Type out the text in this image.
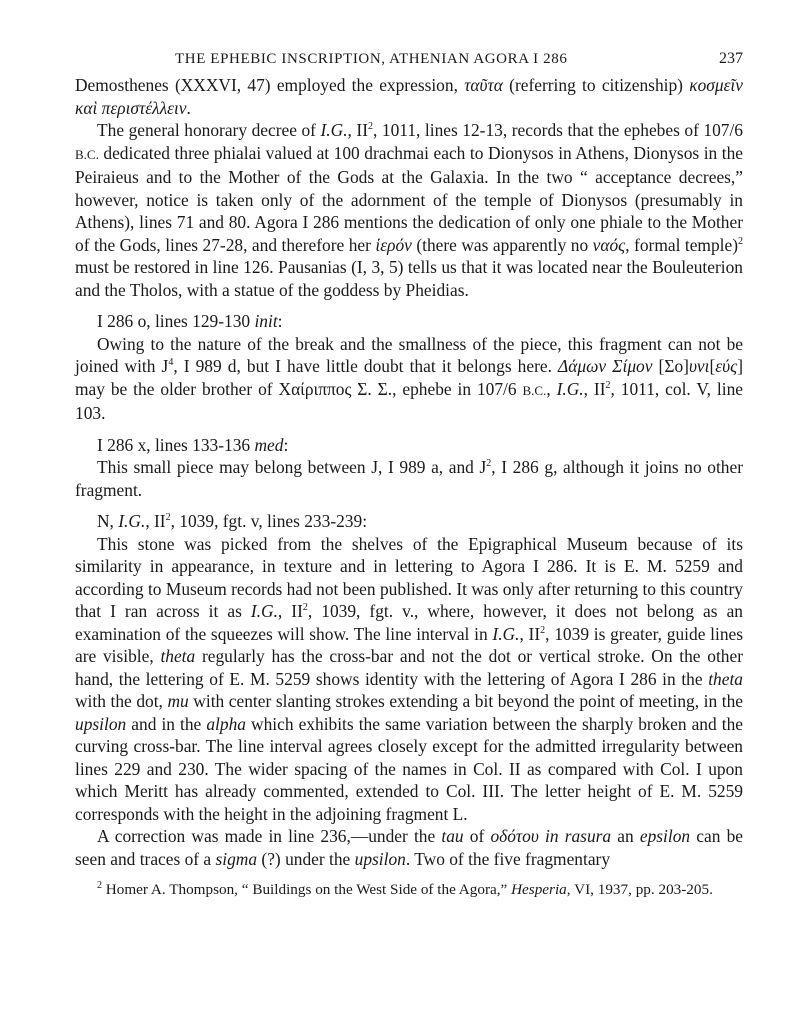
THE EPHEBIC INSCRIPTION, ATHENIAN AGORA I 286	237

Demosthenes (XXXVI, 47) employed the expression, ταῦτα (referring to citizenship) κοσμεῖν καὶ περιστέλλειν.

The general honorary decree of I.G., $II^2$, 1011, lines 12-13, records that the ephebes of 107/6 B.C. dedicated three phialai valued at 100 drachmai each to Dionysos in Athens, Dionysos in the Peiraieus and to the Mother of the Gods at the Galaxia. In the two “ acceptance decrees,” however, notice is taken only of the adornment of the temple of Dionysos (presumably in Athens), lines 71 and 80. Agora I 286 mentions the dedication of only one phiale to the Mother of the Gods, lines 27-28, and therefore her ἱερόν (there was apparently no ναός, formal temple)$^2$ must be restored in line 126. Pausanias (I, 3, 5) tells us that it was located near the Bouleuterion and the Tholos, with a statue of the goddess by Pheidias.

I 286 o, lines 129-130 init:

Owing to the nature of the break and the smallness of the piece, this fragment can not be joined with $J^4$, I 989 d, but I have little doubt that it belongs here. Δάμων Σίμον [Σο]υνι[εύς] may be the older brother of Χαίριππος Σ. Σ., ephebe in 107/6 B.C., I.G., $II^2$, 1011, col. V, line 103.

I 286 x, lines 133-136 med:

This small piece may belong between J, I 989 a, and $J^2$, I 286 g, although it joins no other fragment.

N, I.G., $II^2$, 1039, fgt. v, lines 233-239:

This stone was picked from the shelves of the Epigraphical Museum because of its similarity in appearance, in texture and in lettering to Agora I 286. It is E. M. 5259 and according to Museum records had not been published. It was only after returning to this country that I ran across it as I.G., $II^2$, 1039, fgt. v., where, however, it does not belong as an examination of the squeezes will show. The line interval in I.G., $II^2$, 1039 is greater, guide lines are visible, theta regularly has the cross-bar and not the dot or vertical stroke. On the other hand, the lettering of E. M. 5259 shows identity with the lettering of Agora I 286 in the theta with the dot, mu with center slanting strokes extending a bit beyond the point of meeting, in the upsilon and in the alpha which exhibits the same variation between the sharply broken and the curving cross-bar. The line interval agrees closely except for the admitted irregularity between lines 229 and 230. The wider spacing of the names in Col. II as compared with Col. I upon which Meritt has already commented, extended to Col. III. The letter height of E. M. 5259 corresponds with the height in the adjoining fragment L.

A correction was made in line 236,—under the tau of οδότου in rasura an epsilon can be seen and traces of a sigma (?) under the upsilon. Two of the five fragmentary

$^2$ Homer A. Thompson, “ Buildings on the West Side of the Agora,” Hesperia, VI, 1937, pp. 203-205.
